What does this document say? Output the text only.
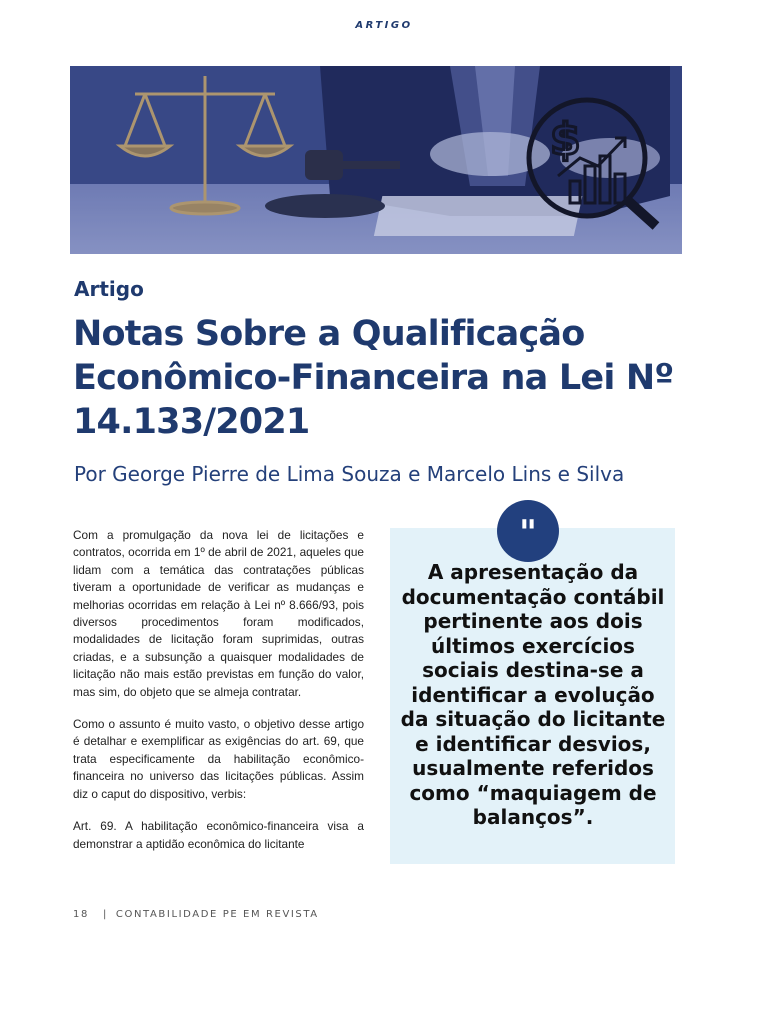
ARTIGO
$
Artigo
Notas Sobre a Qualificação Econômico-Financeira na Lei Nº 14.133/2021
Por George Pierre de Lima Souza e Marcelo Lins e Silva

Com a promulgação da nova lei de licitações e contratos, ocorrida em 1º de abril de 2021, aqueles que lidam com a temática das contratações públicas tiveram a oportunidade de verificar as mudanças e melhorias ocorridas em relação à Lei nº 8.666/93, pois diversos procedimentos foram modificados, modalidades de licitação foram suprimidas, outras criadas, e a subsunção a quaisquer modalidades de licitação não mais estão previstas em função do valor, mas sim, do objeto que se almeja contratar.

Como o assunto é muito vasto, o objetivo desse artigo é detalhar e exemplificar as exigências do art. 69, que trata especificamente da habilitação econômico-financeira no universo das licitações públicas. Assim diz o caput do dispositivo, verbis:

Art. 69. A habilitação econômico-financeira visa a demonstrar a aptidão econômica do licitante

"
A apresentação da documentação contábil pertinente aos dois últimos exercícios sociais destina-se a identificar a evolução da situação do licitante e identificar desvios, usualmente referidos como “maquiagem de balanços”.
18 | CONTABILIDADE PE EM REVISTA
